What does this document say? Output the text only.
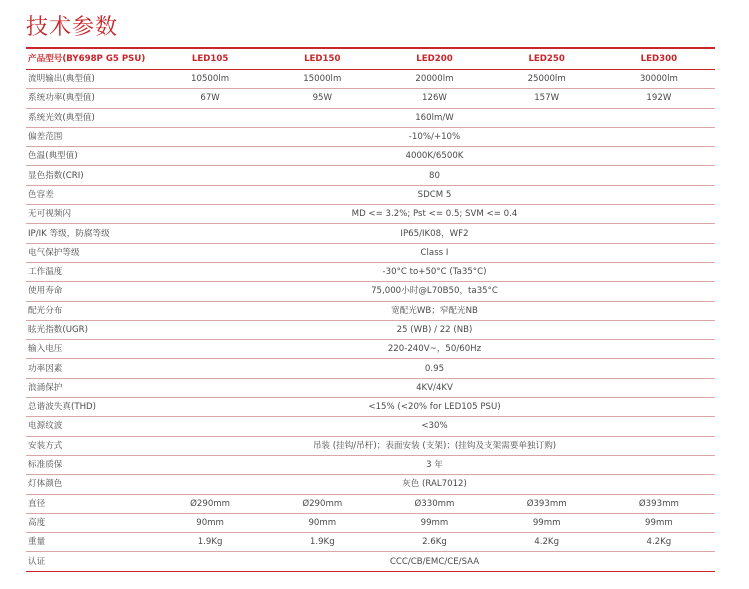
技术参数
产品型号(BY698P G5 PSU)	LED105	LED150	LED200	LED250	LED300
流明输出(典型值)	10500lm	15000lm	20000lm	25000lm	30000lm
系统功率(典型值)	67W	95W	126W	157W	192W
系统光效(典型值)	160lm/W				
偏差范围	-10%/+10%				
色温(典型值)	4000K/6500K				
显色指数(CRI)	80				
色容差	SDCM 5				
无可视频闪	MD <= 3.2%; Pst <= 0.5; SVM <= 0.4				
IP/IK 等级，防腐等级	IP65/IK08，WF2				
电气保护等级	Class I				
工作温度	-30°C to+50°C (Ta35°C)				
使用寿命	75,000小时@L70B50，ta35°C				
配光分布	宽配光WB；窄配光NB				
眩光指数(UGR)	25 (WB) / 22 (NB)				
输入电压	220-240V~，50/60Hz				
功率因素	0.95				
浪涌保护	4KV/4KV				
总谐波失真(THD)	<15% (<20% for LED105 PSU)				
电源纹波	<30%				
安装方式	吊装 (挂钩/吊杆)；表面安装 (支架)；(挂钩及支架需要单独订购)				
标准质保	3 年				
灯体颜色	灰色 (RAL7012)				
直径	Ø290mm	Ø290mm	Ø330mm	Ø393mm	Ø393mm
高度	90mm	90mm	99mm	99mm	99mm
重量	1.9Kg	1.9Kg	2.6Kg	4.2Kg	4.2Kg
认证	CCC/CB/EMC/CE/SAA				
